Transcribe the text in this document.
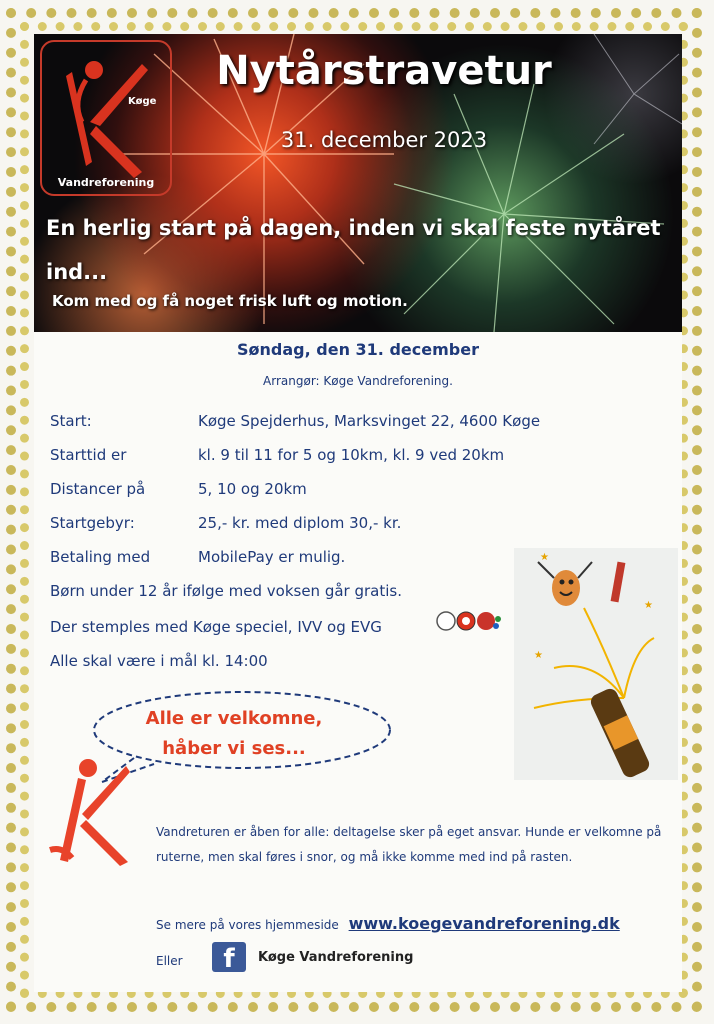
Køge
Vandreforening
Nytårstravetur
31. december 2023
En herlig start på dagen, inden vi skal feste nytåret ind...
Kom med og få noget frisk luft og motion.
Søndag, den 31. december
Arrangør: Køge Vandreforening.
Start:	Køge Spejderhus, Marksvinget 22, 4600 Køge
Starttid er	kl. 9 til 11 for 5 og 10km, kl. 9 ved 20km
Distancer på	5, 10 og 20km
Startgebyr:	25,- kr. med diplom 30,- kr.
Betaling med	MobilePay er mulig.
Børn under 12 år ifølge med voksen går gratis.
Der stemples med Køge speciel, IVV og EVG
Alle skal være i mål kl. 14:00
★
★
★
Alle er velkomne,
håber vi ses...
Vandreturen er åben for alle: deltagelse sker på eget ansvar. Hunde er velkomne på ruterne, men skal føres i snor, og må ikke komme med ind på rasten.
Se mere på vores hjemmeside www.koegevandreforening.dk
Eller	f	Køge Vandreforening
